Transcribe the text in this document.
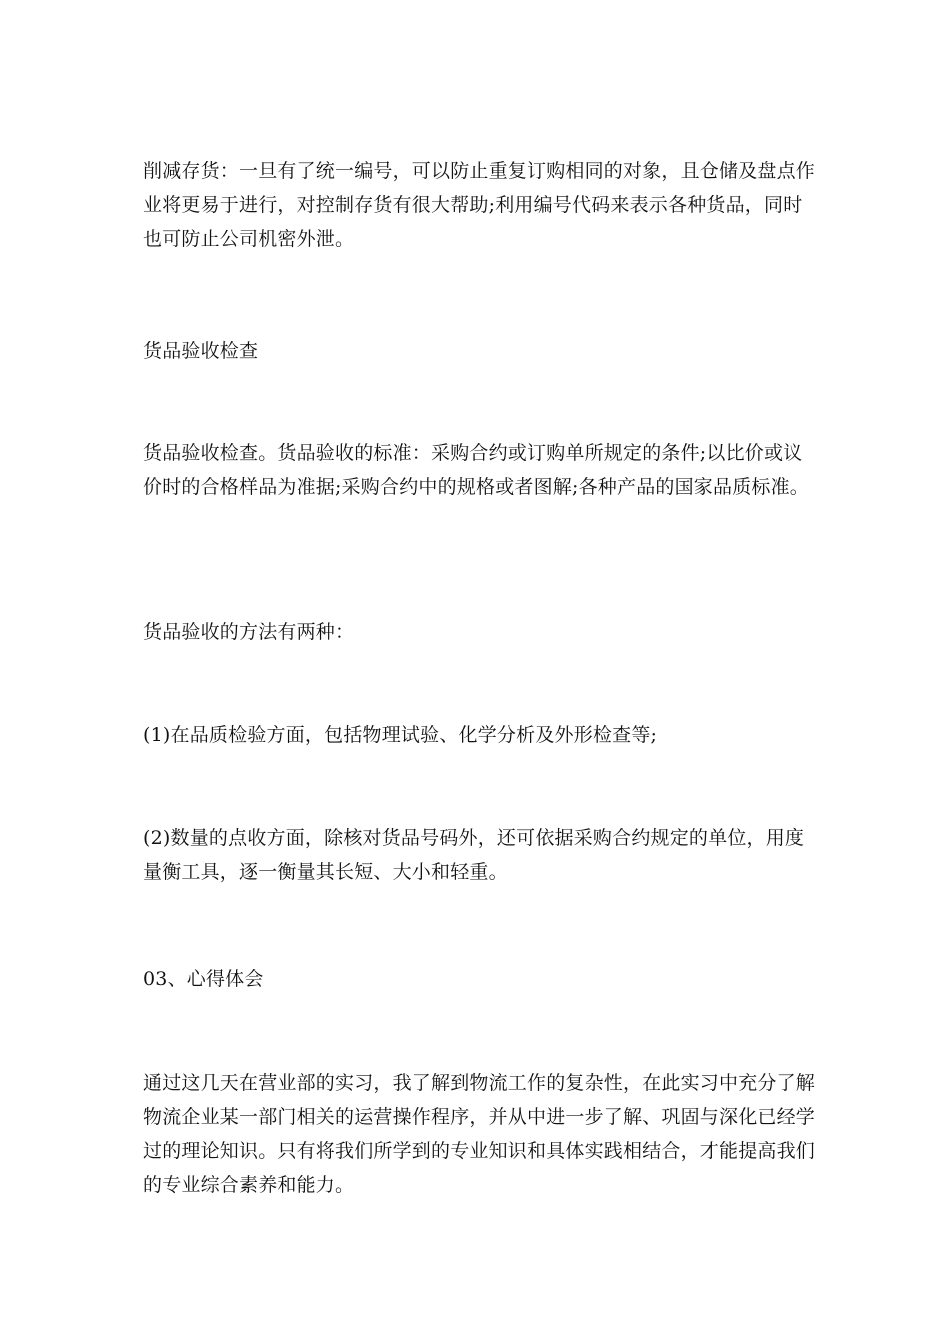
削减存货：一旦有了统一编号，可以防止重复订购相同的对象，且仓储及盘点作业将更易于进行，对控制存货有很大帮助;利用编号代码来表示各种货品，同时也可防止公司机密外泄。

货品验收检查

货品验收检查。货品验收的标准：采购合约或订购单所规定的条件;以比价或议价时的合格样品为准据;采购合约中的规格或者图解;各种产品的国家品质标准。

货品验收的方法有两种：

(1)在品质检验方面，包括物理试验、化学分析及外形检查等;

(2)数量的点收方面，除核对货品号码外，还可依据采购合约规定的单位，用度量衡工具，逐一衡量其长短、大小和轻重。

03、心得体会

通过这几天在营业部的实习，我了解到物流工作的复杂性，在此实习中充分了解物流企业某一部门相关的运营操作程序，并从中进一步了解、巩固与深化已经学过的理论知识。只有将我们所学到的专业知识和具体实践相结合，才能提高我们的专业综合素养和能力。
